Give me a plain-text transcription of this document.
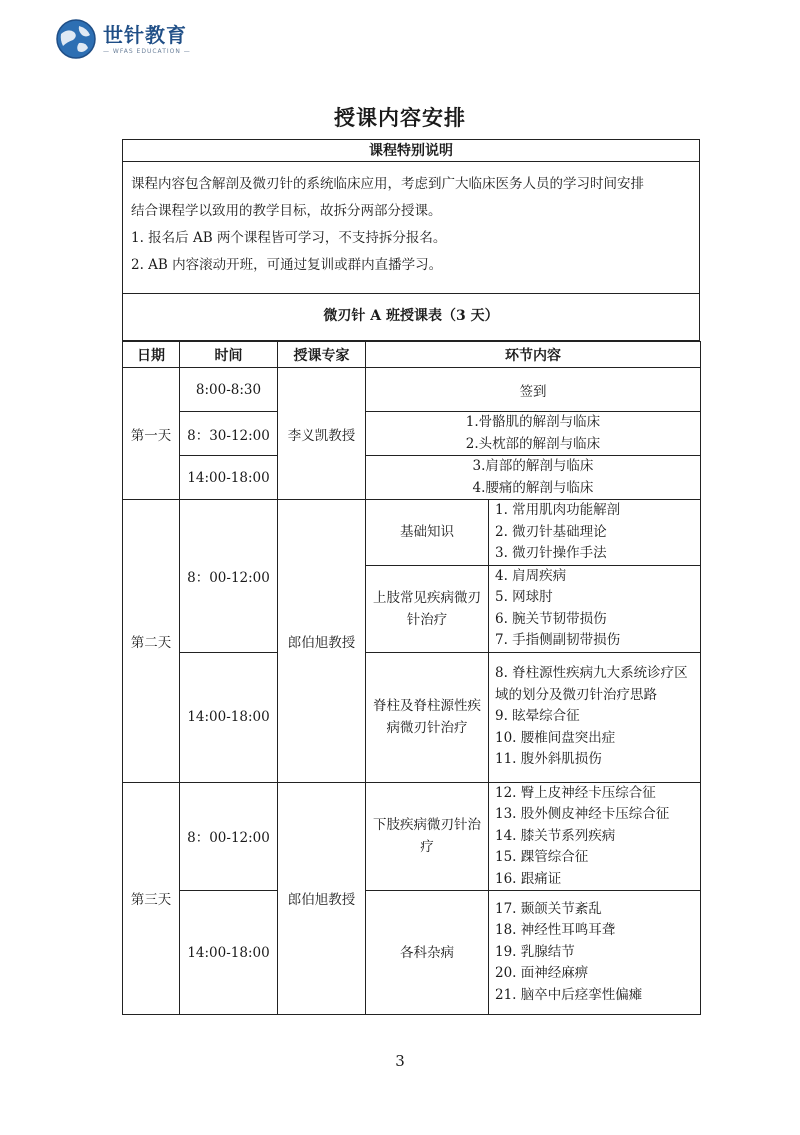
世针教育
— WFAS EDUCATION —
授课内容安排
课程特别说明
课程内容包含解剖及微刃针的系统临床应用，考虑到广大临床医务人员的学习时间安排
结合课程学以致用的教学目标，故拆分两部分授课。
1. 报名后 AB 两个课程皆可学习，不支持拆分报名。
2. AB 内容滚动开班，可通过复训或群内直播学习。
微刃针 A 班授课表（3 天）
日期	时间	授课专家	环节内容	
第一天	8:00-8:30	李义凯教授	签到	
	8：30-12:00		1.骨骼肌的解剖与临床
2.头枕部的解剖与临床	

	14:00-18:00		3.肩部的解剖与临床
4.腰痛的解剖与临床	

第二天	8：00-12:00	郎伯旭教授	基础知识	1. 常用肌肉功能解剖
2. 微刃针基础理论
3. 微刃针操作手法

			上肢常见疾病微刃针治疗	4. 肩周疾病
5. 网球肘
6. 腕关节韧带损伤
7. 手指侧副韧带损伤

	14:00-18:00		脊柱及脊柱源性疾病微刃针治疗	8. 脊柱源性疾病九大系统诊疗区域的划分及微刃针治疗思路
9. 眩晕综合征
10. 腰椎间盘突出症
11. 腹外斜肌损伤

第三天	8：00-12:00	郎伯旭教授	下肢疾病微刃针治疗	12. 臀上皮神经卡压综合征
13. 股外侧皮神经卡压综合征
14. 膝关节系列疾病
15. 踝管综合征
16. 跟痛证

	14:00-18:00		各科杂病	17. 颞颌关节紊乱
18. 神经性耳鸣耳聋
19. 乳腺结节
20. 面神经麻痹
21. 脑卒中后痉挛性偏瘫
3
